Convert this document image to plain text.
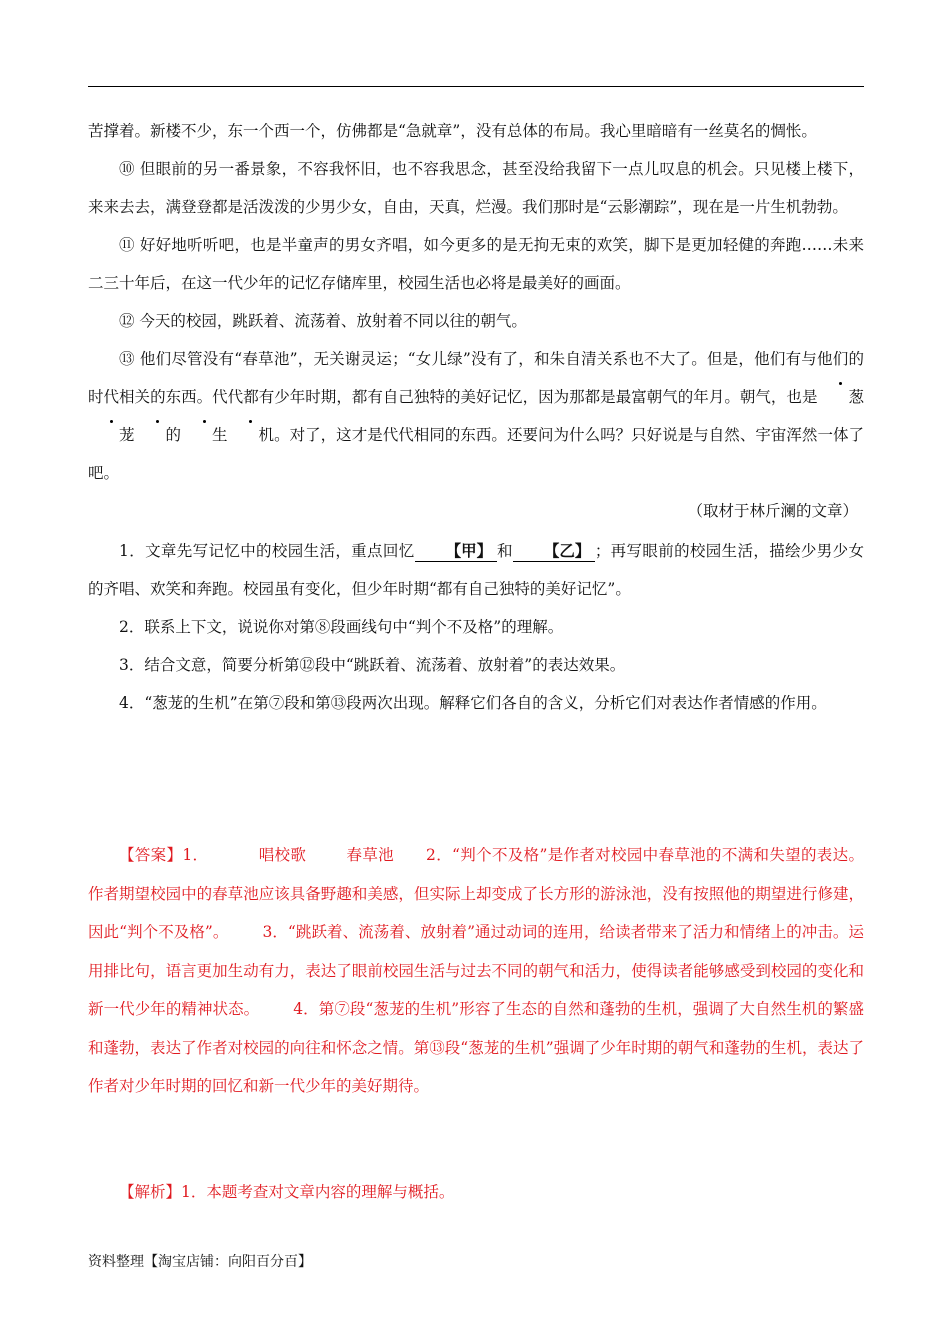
苦撑着。新楼不少，东一个西一个，仿佛都是“急就章”，没有总体的布局。我心里暗暗有一丝莫名的惆怅。

⑩ 但眼前的另一番景象，不容我怀旧，也不容我思念，甚至没给我留下一点儿叹息的机会。只见楼上楼下，来来去去，满登登都是活泼泼的少男少女，自由，天真，烂漫。我们那时是“云影潮踪”，现在是一片生机勃勃。

⑪ 好好地听听吧，也是半童声的男女齐唱，如今更多的是无拘无束的欢笑，脚下是更加轻健的奔跑……未来二三十年后，在这一代少年的记忆存储库里，校园生活也必将是最美好的画面。

⑫ 今天的校园，跳跃着、流荡着、放射着不同以往的朝气。

⑬ 他们尽管没有“春草池”，无关谢灵运；“女儿绿”没有了，和朱自清关系也不大了。但是，他们有与他们的时代相关的东西。代代都有少年时期，都有自己独特的美好记忆，因为那都是最富朝气的年月。朝气，也是 葱茏 的 生 机。对了，这才是代代相同的东西。还要问为什么吗？只好说是与自然、宇宙浑然一体了吧。

（取材于林斤澜的文章）

1．文章先写记忆中的校园生活，重点回忆 【甲】 和 【乙】 ；再写眼前的校园生活，描绘少男少女的齐唱、欢笑和奔跑。校园虽有变化，但少年时期“都有自己独特的美好记忆”。

2．联系上下文，说说你对第⑧段画线句中“判个不及格”的理解。

3．结合文意，简要分析第⑫段中“跳跃着、流荡着、放射着”的表达效果。

4．“葱茏的生机”在第⑦段和第⑬段两次出现。解释它们各自的含义，分析它们对表达作者情感的作用。

【答案】1．	唱校歌	春草池 2．“判个不及格”是作者对校园中春草池的不满和失望的表达。作者期望校园中的春草池应该具备野趣和美感，但实际上却变成了长方形的游泳池，没有按照他的期望进行修建，因此“判个不及格”。 3．“跳跃着、流荡着、放射着”通过动词的连用，给读者带来了活力和情绪上的冲击。运用排比句，语言更加生动有力，表达了眼前校园生活与过去不同的朝气和活力，使得读者能够感受到校园的变化和新一代少年的精神状态。 4．第⑦段“葱茏的生机”形容了生态的自然和蓬勃的生机，强调了大自然生机的繁盛和蓬勃，表达了作者对校园的向往和怀念之情。第⑬段“葱茏的生机”强调了少年时期的朝气和蓬勃的生机，表达了作者对少年时期的回忆和新一代少年的美好期待。

【解析】1．本题考查对文章内容的理解与概括。
资料整理【淘宝店铺：向阳百分百】
